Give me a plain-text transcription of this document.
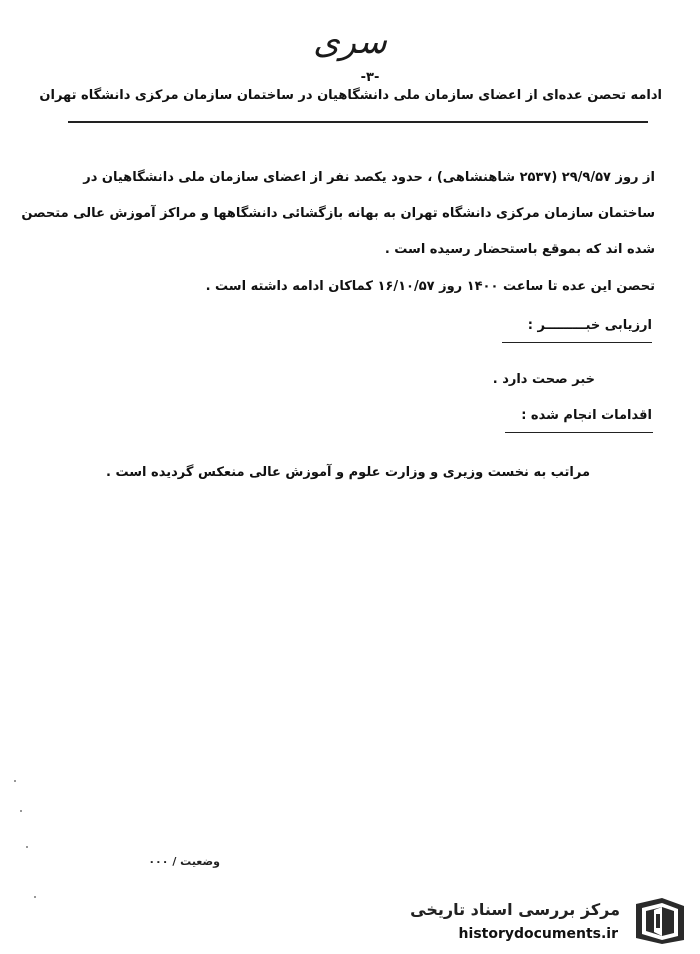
سری
-۳-
ادامه تحصن عده‌ای از اعضای سازمان ملی دانشگاهیان در ساختمان سازمان مرکزی دانشگاه تهران
از روز ۲۹/۹/۵۷ (۲۵۳۷ شاهنشاهی) ، حدود یکصد نفر از اعضای سازمان ملی دانشگاهیان در
ساختمان سازمان مرکزی دانشگاه تهران به بهانه بازگشائی دانشگاهها و مراکز آموزش عالی متحصن
شده اند که بموقع باستحضار رسیده است .
تحصن این عده تا ساعت ۱۴۰۰ روز ۱۶/۱۰/۵۷ کماکان ادامه داشته است .
ارزیابی خبـــــــــر :
خبر صحت دارد .
اقدامات انجام شده :
مراتب به نخست وزیری و وزارت علوم و آموزش عالی منعکس گردیده است .
وضعیت / ۰۰۰
مرکز بررسی اسناد تاریخی
historydocuments.ir
